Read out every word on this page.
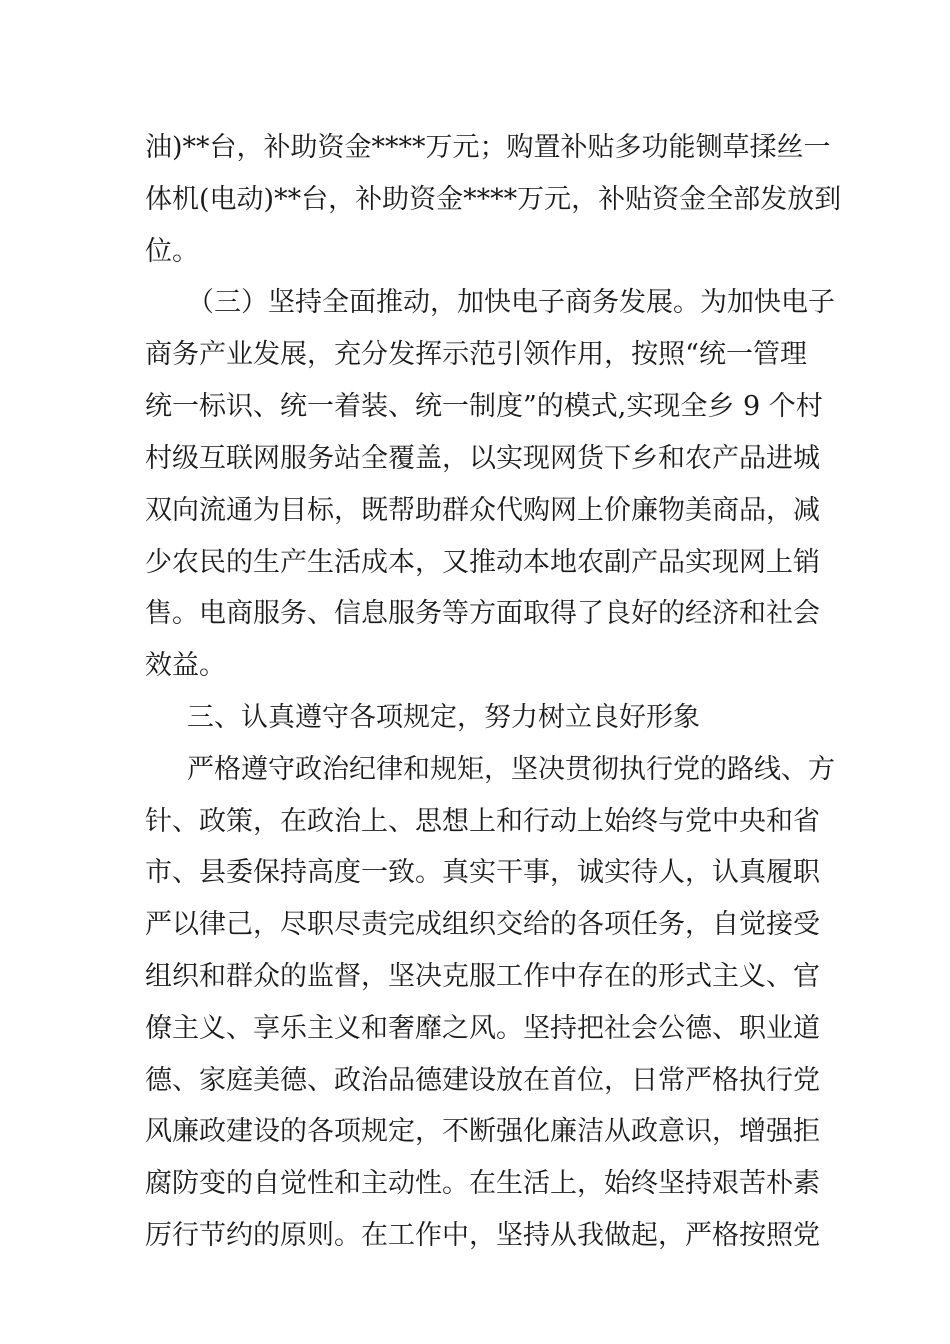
油)**台，补助资金****万元；购置补贴多功能铡草揉丝一
体机(电动)**台，补助资金****万元，补贴资金全部发放到
位。
（三）坚持全面推动，加快电子商务发展。为加快电子
商务产业发展，充分发挥示范引领作用，按照“统一管理
统一标识、统一着装、统一制度”的模式,实现全乡 9 个村
村级互联网服务站全覆盖，以实现网货下乡和农产品进城
双向流通为目标，既帮助群众代购网上价廉物美商品，减
少农民的生产生活成本，又推动本地农副产品实现网上销
售。电商服务、信息服务等方面取得了良好的经济和社会
效益。
三、认真遵守各项规定，努力树立良好形象
严格遵守政治纪律和规矩，坚决贯彻执行党的路线、方
针、政策，在政治上、思想上和行动上始终与党中央和省
市、县委保持高度一致。真实干事，诚实待人，认真履职
严以律己，尽职尽责完成组织交给的各项任务，自觉接受
组织和群众的监督，坚决克服工作中存在的形式主义、官
僚主义、享乐主义和奢靡之风。坚持把社会公德、职业道
德、家庭美德、政治品德建设放在首位，日常严格执行党
风廉政建设的各项规定，不断强化廉洁从政意识，增强拒
腐防变的自觉性和主动性。在生活上，始终坚持艰苦朴素
厉行节约的原则。在工作中，坚持从我做起，严格按照党
